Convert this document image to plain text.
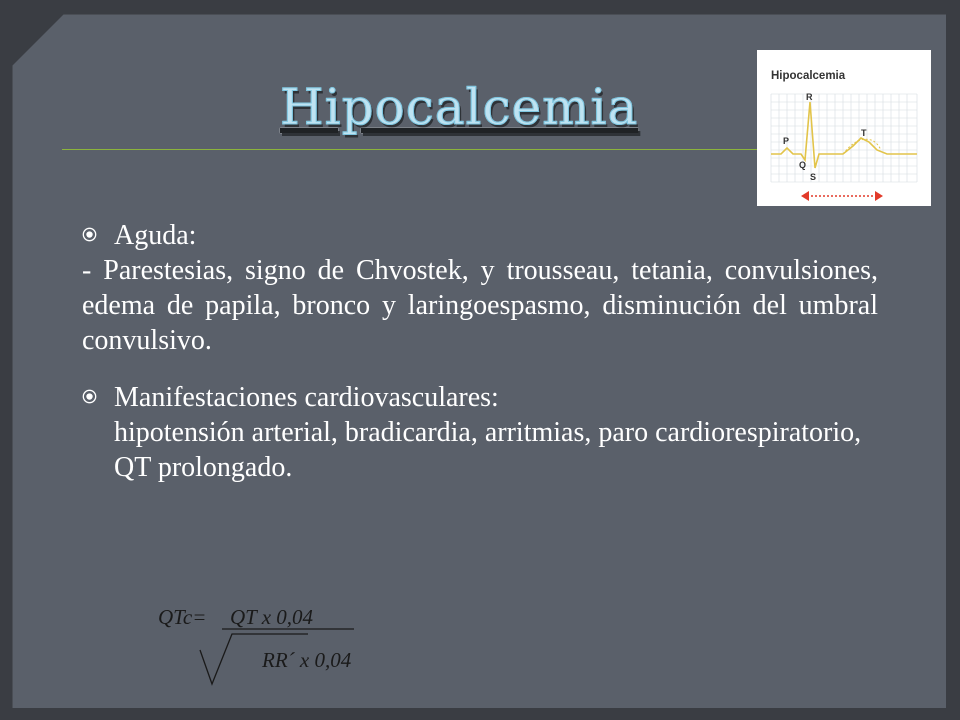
Hipocalcemia
Hipocalcemia
R
P
T
Q
S
Aguda:
- Parestesias, signo de Chvostek, y trousseau, tetania, convulsiones, edema de papila, bronco y laringoespasmo, disminución del umbral convulsivo.
Manifestaciones cardiovasculares:
hipotensión arterial, bradicardia, arritmias, paro cardiorespiratorio, QT prolongado.
QTc= QT x 0,04
RR´ x 0,04
